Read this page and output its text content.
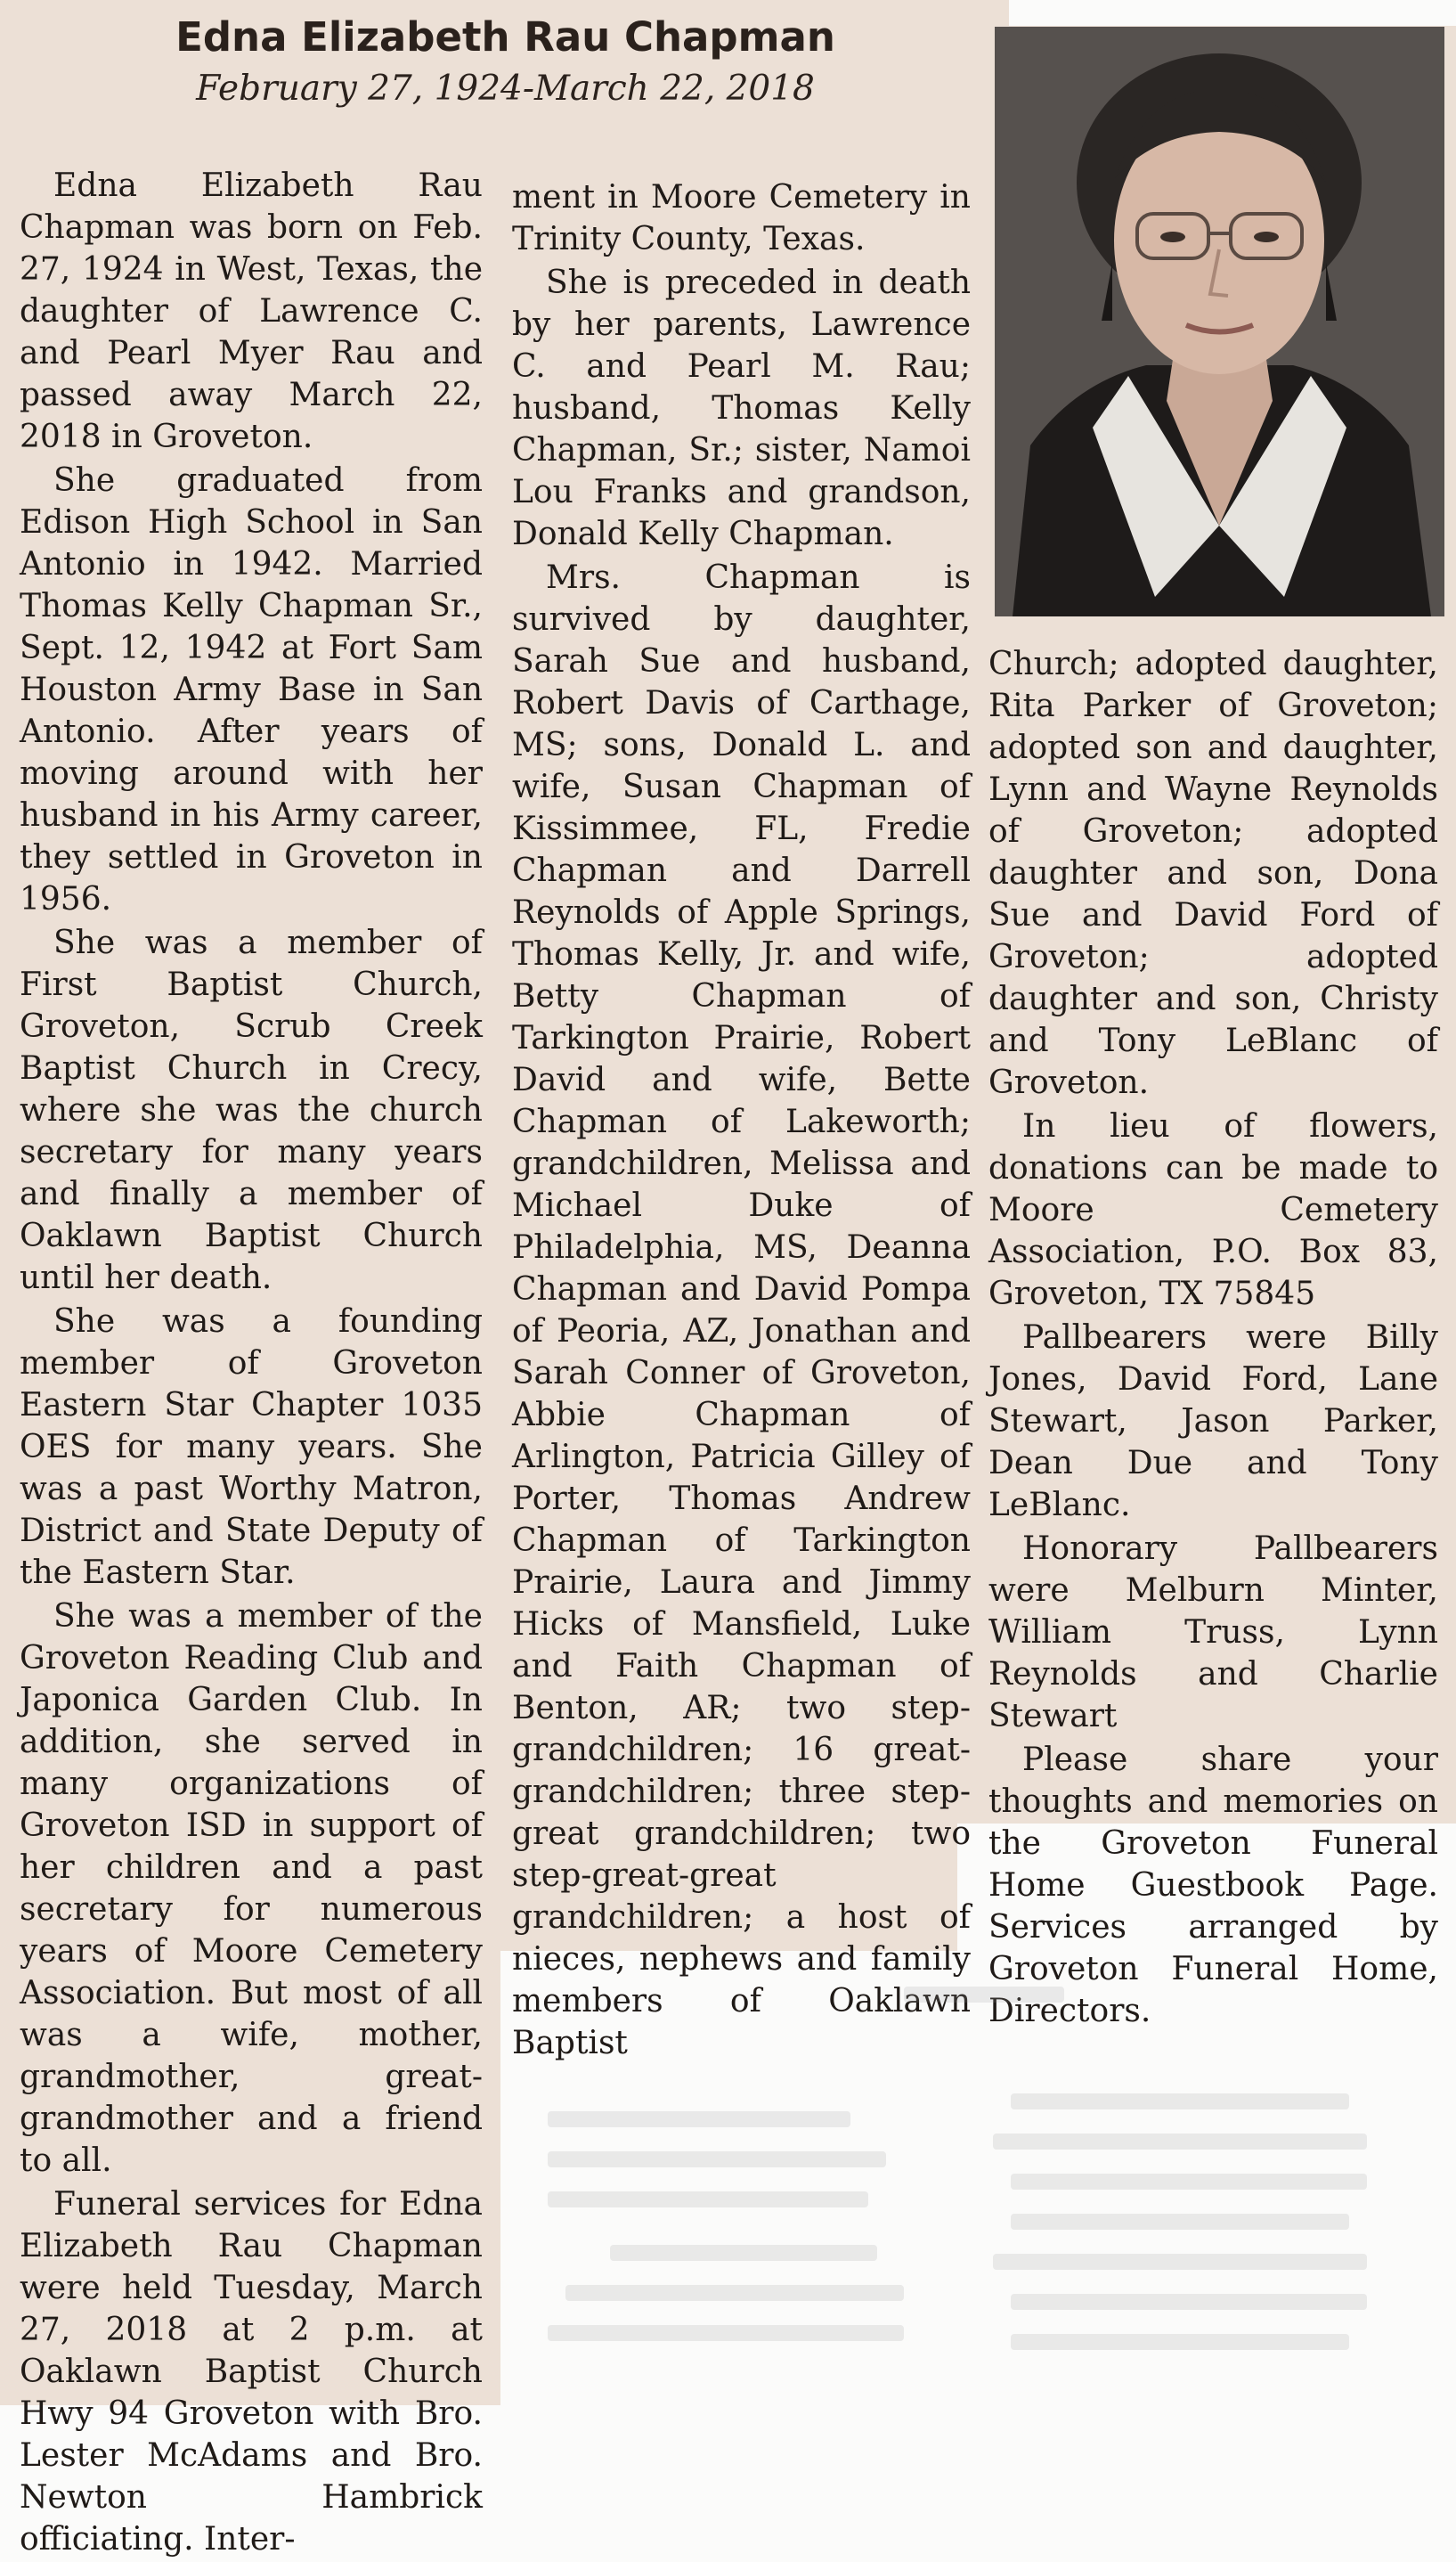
Edna Elizabeth Rau Chapman
February 27, 1924-March 22, 2018

Edna Elizabeth Rau Chapman was born on Feb. 27, 1924 in West, Texas, the daughter of Lawrence C. and Pearl Myer Rau and passed away March 22, 2018 in Groveton.

She graduated from Edison High School in San Antonio in 1942. Married Thomas Kelly Chapman Sr., Sept. 12, 1942 at Fort Sam Houston Army Base in San Antonio. After years of moving around with her husband in his Army career, they settled in Groveton in 1956.

She was a member of First Baptist Church, Groveton, Scrub Creek Baptist Church in Crecy, where she was the church secretary for many years and finally a member of Oaklawn Baptist Church until her death.

She was a founding member of Groveton Eastern Star Chapter 1035 OES for many years. She was a past Worthy Matron, District and State Deputy of the Eastern Star.

She was a member of the Groveton Reading Club and Japonica Garden Club. In addition, she served in many organizations of Groveton ISD in support of her children and a past secretary for numerous years of Moore Cemetery Association. But most of all was a wife, mother, grandmother, great-grandmother and a friend to all.

Funeral services for Edna Elizabeth Rau Chapman were held Tuesday, March 27, 2018 at 2 p.m. at Oaklawn Baptist Church Hwy 94 Groveton with Bro. Lester McAdams and Bro. Newton Hambrick officiating. Inter-

ment in Moore Cemetery in Trinity County, Texas.

She is preceded in death by her parents, Lawrence C. and Pearl M. Rau; husband, Thomas Kelly Chapman, Sr.; sister, Namoi Lou Franks and grandson, Donald Kelly Chapman.

Mrs. Chapman is survived by daughter, Sarah Sue and husband, Robert Davis of Carthage, MS; sons, Donald L. and wife, Susan Chapman of Kissimmee, FL, Fredie Chapman and Darrell Reynolds of Apple Springs, Thomas Kelly, Jr. and wife, Betty Chapman of Tarkington Prairie, Robert David and wife, Bette Chapman of Lakeworth; grandchildren, Melissa and Michael Duke of Philadelphia, MS, Deanna Chapman and David Pompa of Peoria, AZ, Jonathan and Sarah Conner of Groveton, Abbie Chapman of Arlington, Patricia Gilley of Porter, Thomas Andrew Chapman of Tarkington Prairie, Laura and Jimmy Hicks of Mansfield, Luke and Faith Chapman of Benton, AR; two step-grandchildren; 16 great-grandchildren; three step-great grandchildren; two step-great-great grandchildren; a host of nieces, nephews and family members of Oaklawn Baptist

Church; adopted daughter, Rita Parker of Groveton; adopted son and daughter, Lynn and Wayne Reynolds of Groveton; adopted daughter and son, Dona Sue and David Ford of Groveton; adopted daughter and son, Christy and Tony LeBlanc of Groveton.

In lieu of flowers, donations can be made to Moore Cemetery Association, P.O. Box 83, Groveton, TX 75845

Pallbearers were Billy Jones, David Ford, Lane Stewart, Jason Parker, Dean Due and Tony LeBlanc.

Honorary Pallbearers were Melburn Minter, William Truss, Lynn Reynolds and Charlie Stewart

Please share your thoughts and memories on the Groveton Funeral Home Guestbook Page. Services arranged by Groveton Funeral Home, Directors.
